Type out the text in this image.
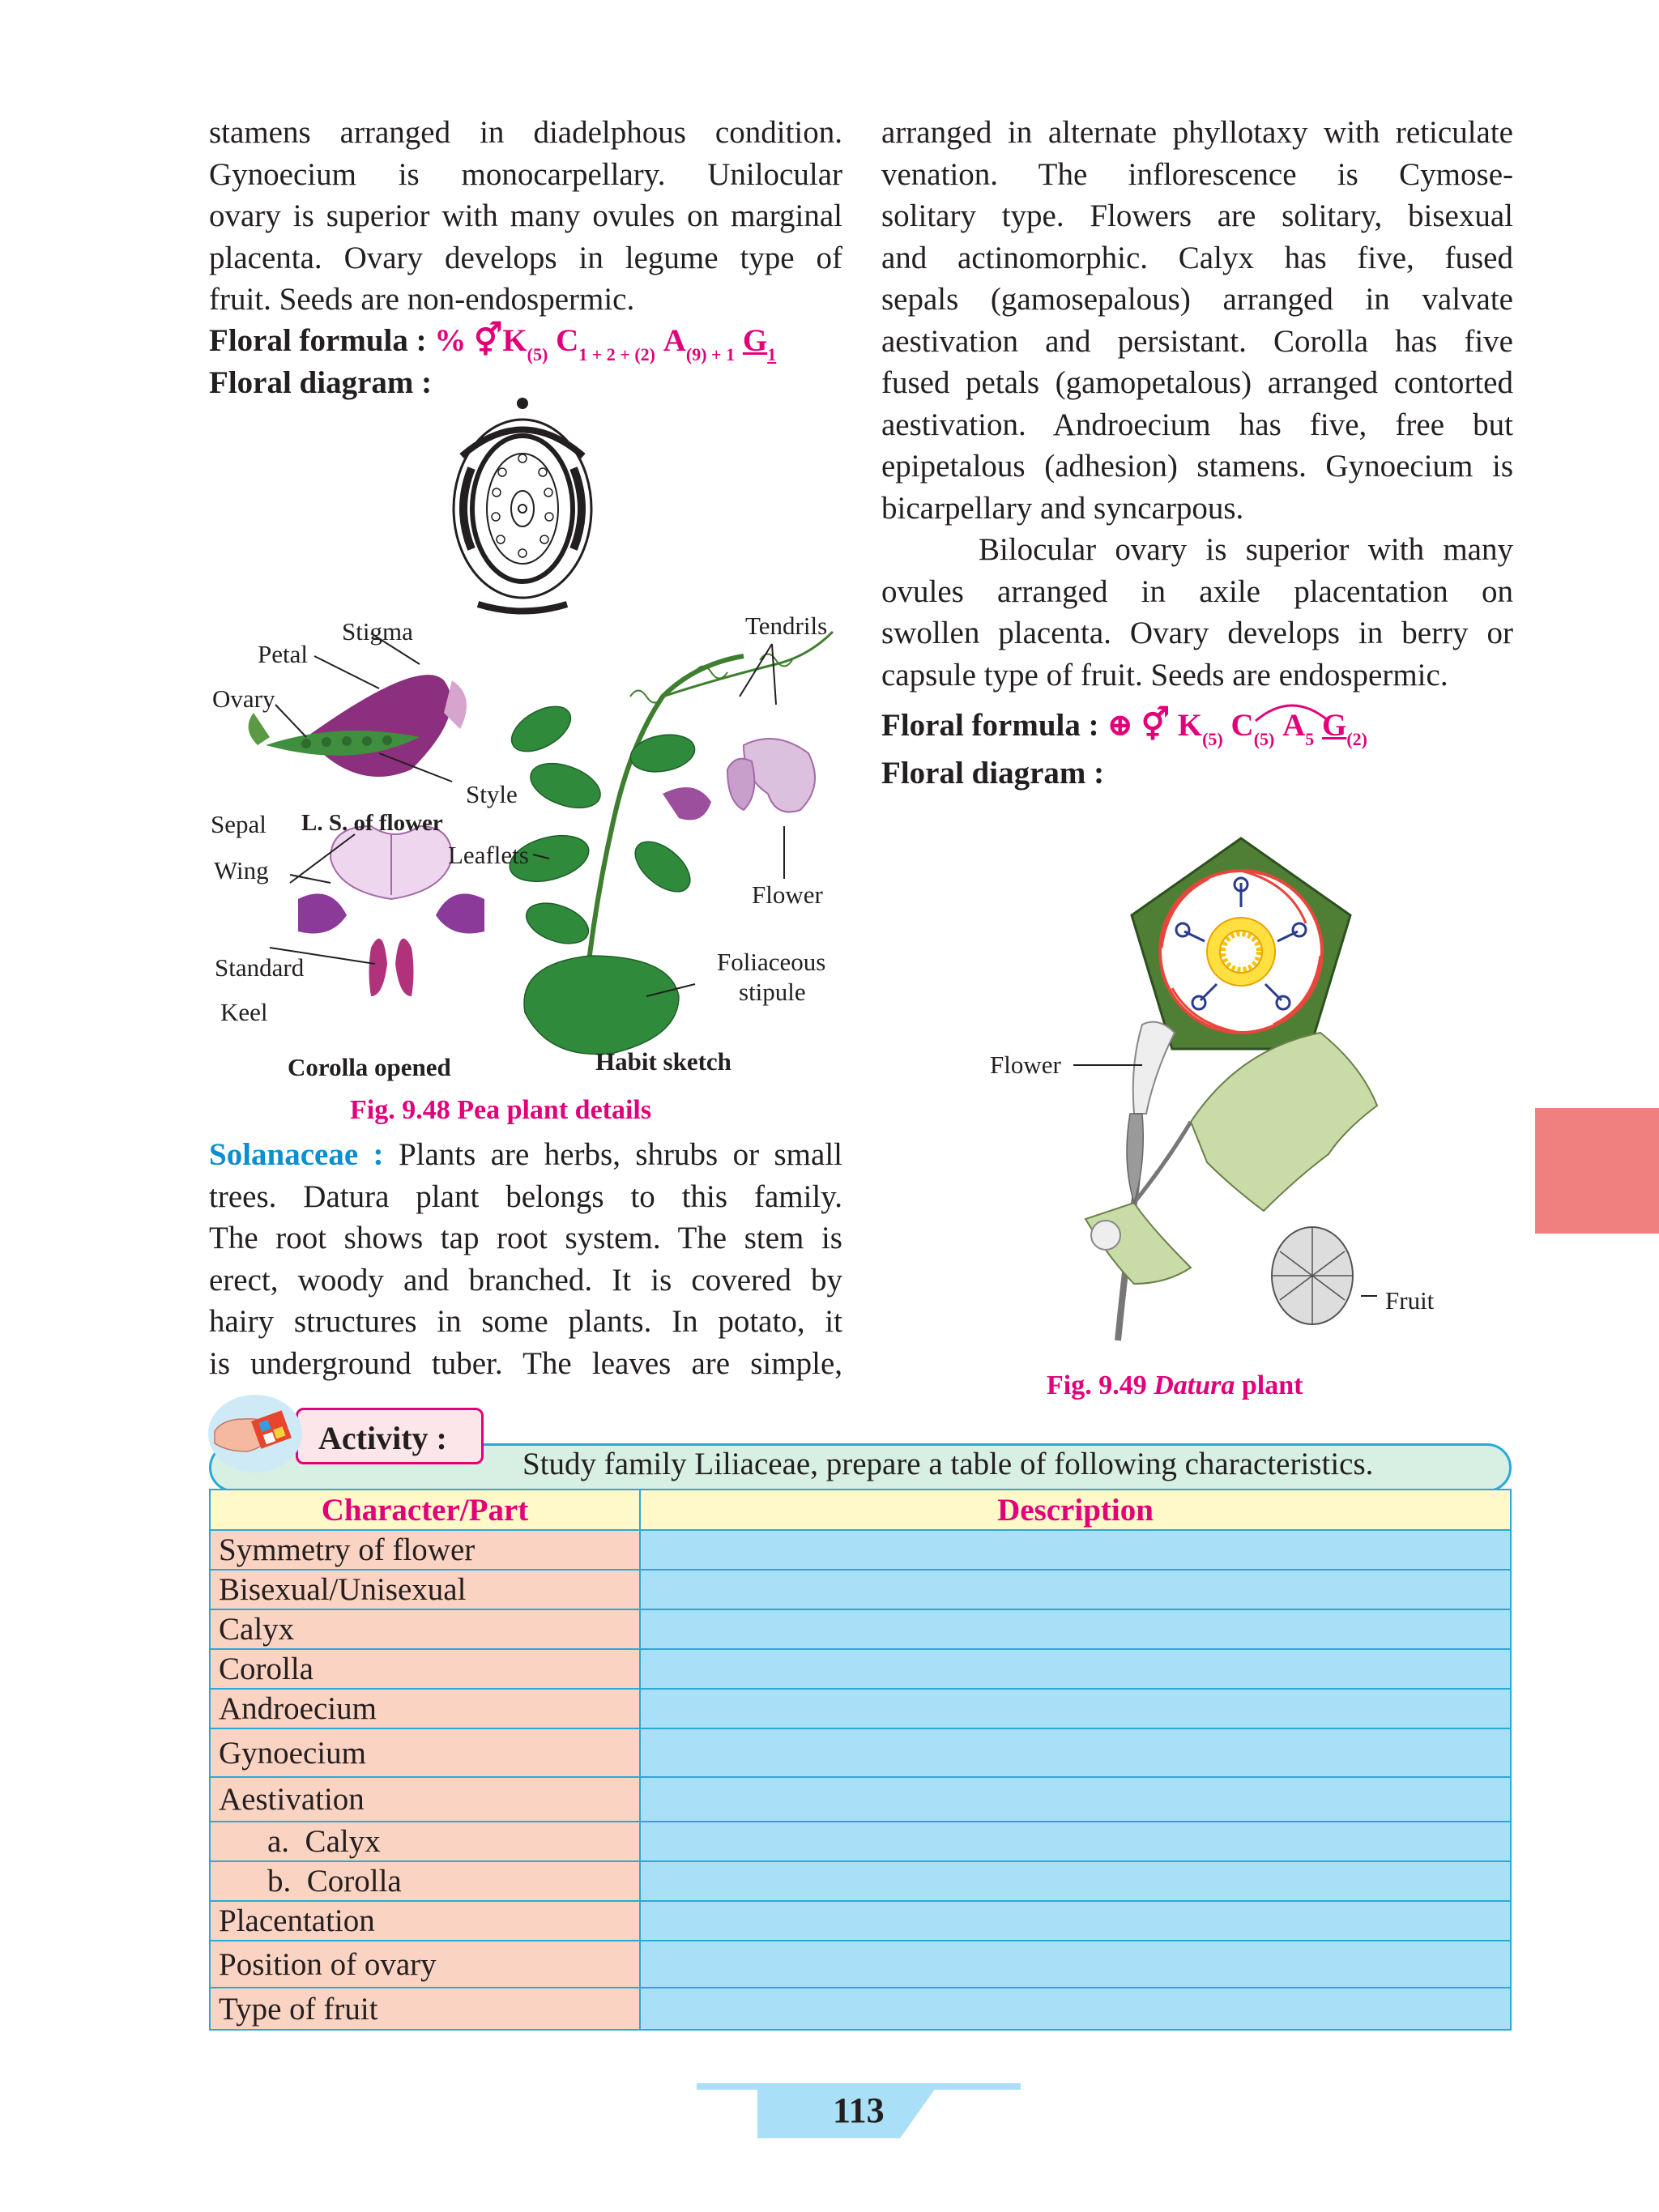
stamens arranged in diadelphous condition.
Gynoecium is monocarpellary. Unilocular
ovary is superior with many ovules on marginal
placenta. Ovary develops in legume type of
fruit. Seeds are non-endospermic.
Floral formula : % $⚥K_{(5)}$ $C_{1 + 2 + (2)}$ $A_{(9) + 1}$ $G_1$
Floral diagram :
Stigma
Petal
Ovary
Style
Sepal L. S. of flower
Wing
Standard
Keel
Corolla opened
Tendrils
Leaflets
Flower
Foliaceous
stipule
Habit sketch
Fig. 9.48 Pea plant details
Solanaceae : Plants are herbs, shrubs or small
trees. Datura plant belongs to this family.
The root shows tap root system. The stem is
erect, woody and branched. It is covered by
hairy structures in some plants. In potato, it
is underground tuber. The leaves are simple,
arranged in alternate phyllotaxy with reticulate
venation. The inflorescence is Cymose-
solitary type. Flowers are solitary, bisexual
and actinomorphic. Calyx has five, fused
sepals (gamosepalous) arranged in valvate
aestivation and persistant. Corolla has five
fused petals (gamopetalous) arranged contorted
aestivation. Androecium has five, free but
epipetalous (adhesion) stamens. Gynoecium is
bicarpellary and syncarpous.
Bilocular ovary is superior with many
ovules arranged in axile placentation on
swollen placenta. Ovary develops in berry or
capsule type of fruit. Seeds are endospermic.
Floral formula : ⊕ ⚥ $K_{(5)}$ $C_{(5)}$ $A_5$ $G_{(2)}$
Floral diagram :
Flower
Fruit
Fig. 9.49 Datura plant
Study family Liliaceae, prepare a table of following characteristics.
Activity :
Character/Part	Description
Symmetry of flower	
Bisexual/Unisexual	
Calyx	
Corolla	
Androecium	
Gynoecium	
Aestivation	
a.  Calyx	
b.  Corolla	
Placentation	
Position of ovary	
Type of fruit	
113
